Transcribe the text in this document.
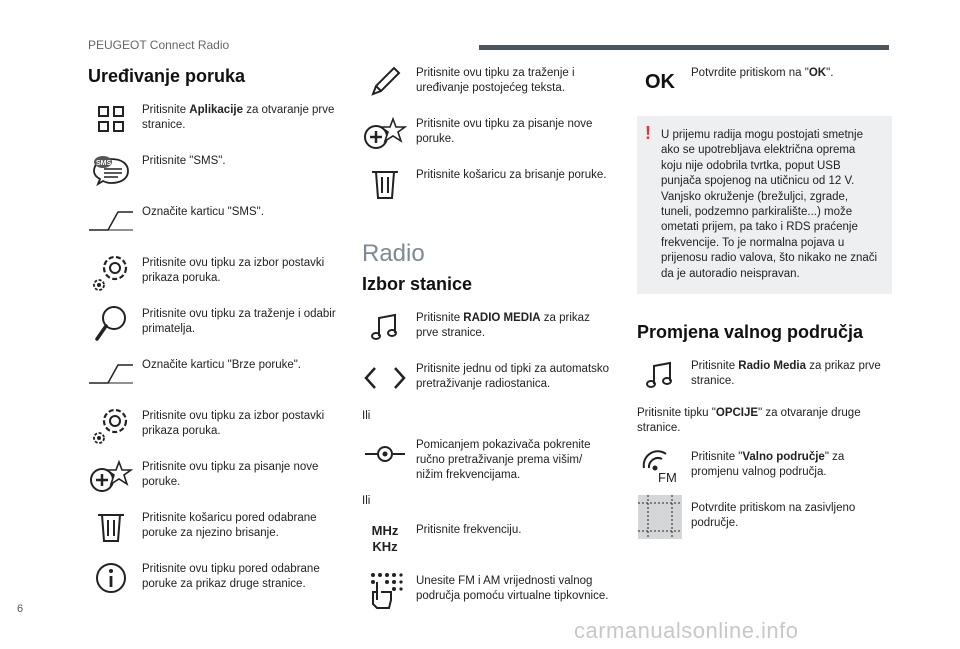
PEUGEOT Connect Radio
Uređivanje poruka
Pritisnite Aplikacije za otvaranje prve stranice.
SMS	Pritisnite "SMS".
Označite karticu "SMS".
Pritisnite ovu tipku za izbor postavki prikaza poruka.
Pritisnite ovu tipku za traženje i odabir primatelja.
Označite karticu "Brze poruke".
Pritisnite ovu tipku za izbor postavki prikaza poruka.
Pritisnite ovu tipku za pisanje nove poruke.
Pritisnite košaricu pored odabrane poruke za njezino brisanje.
Pritisnite ovu tipku pored odabrane poruke za prikaz druge stranice.
Pritisnite ovu tipku za traženje i uređivanje postojećeg teksta.
Pritisnite ovu tipku za pisanje nove poruke.
Pritisnite košaricu za brisanje poruke.
Radio
Izbor stanice
Pritisnite RADIO MEDIA za prikaz prve stranice.
Pritisnite jednu od tipki za automatsko pretraživanje radiostanica.
Ili
Pomicanjem pokazivača pokrenite ručno pretraživanje prema višim/ nižim frekvencijama.
Ili
MHz
KHz
Pritisnite frekvenciju.
Unesite FM i AM vrijednosti valnog područja pomoću virtualne tipkovnice.
OK Potvrdite pritiskom na "OK".
! U prijemu radija mogu postojati smetnje ako se upotrebljava električna oprema koju nije odobrila tvrtka, poput USB punjača spojenog na utičnicu od 12 V. Vanjsko okruženje (brežuljci, zgrade, tuneli, podzemno parkiralište...) može ometati prijem, pa tako i RDS praćenje frekvencije. To je normalna pojava u prijenosu radio valova, što nikako ne znači da je autoradio neispravan.
Promjena valnog područja
Pritisnite Radio Media za prikaz prve stranice.
Pritisnite tipku "OPCIJE" za otvaranje druge stranice.
FM
Pritisnite "Valno područje" za promjenu valnog područja.
Potvrdite pritiskom na zasivljeno područje.
6
carmanualsonline.info
